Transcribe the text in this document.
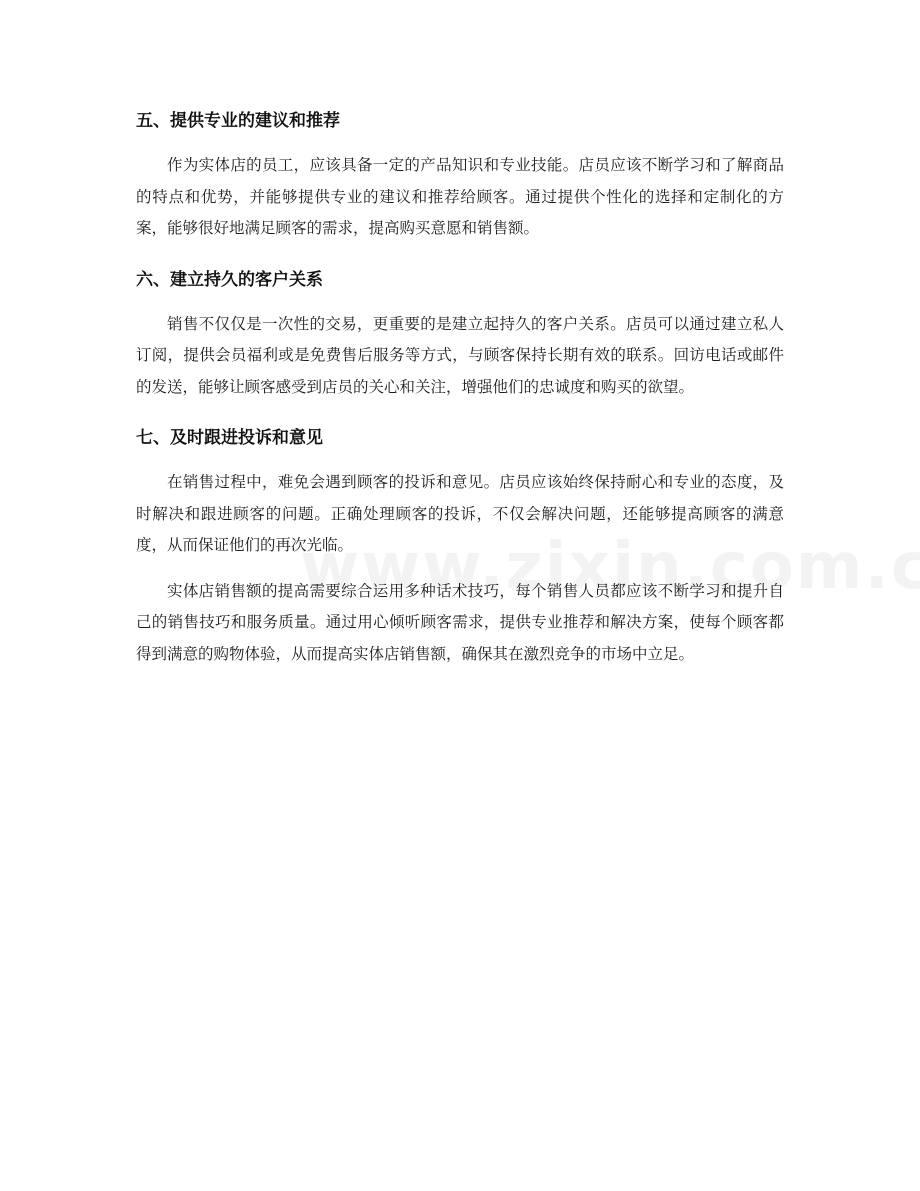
五、提供专业的建议和推荐

作为实体店的员工，应该具备一定的产品知识和专业技能。店员应该不断学习和了解商品的特点和优势，并能够提供专业的建议和推荐给顾客。通过提供个性化的选择和定制化的方案，能够很好地满足顾客的需求，提高购买意愿和销售额。

六、建立持久的客户关系

销售不仅仅是一次性的交易，更重要的是建立起持久的客户关系。店员可以通过建立私人订阅，提供会员福利或是免费售后服务等方式，与顾客保持长期有效的联系。回访电话或邮件的发送，能够让顾客感受到店员的关心和关注，增强他们的忠诚度和购买的欲望。

七、及时跟进投诉和意见

在销售过程中，难免会遇到顾客的投诉和意见。店员应该始终保持耐心和专业的态度，及时解决和跟进顾客的问题。正确处理顾客的投诉，不仅会解决问题，还能够提高顾客的满意度，从而保证他们的再次光临。

实体店销售额的提高需要综合运用多种话术技巧，每个销售人员都应该不断学习和提升自己的销售技巧和服务质量。通过用心倾听顾客需求，提供专业推荐和解决方案，使每个顾客都得到满意的购物体验，从而提高实体店销售额，确保其在激烈竞争的市场中立足。
